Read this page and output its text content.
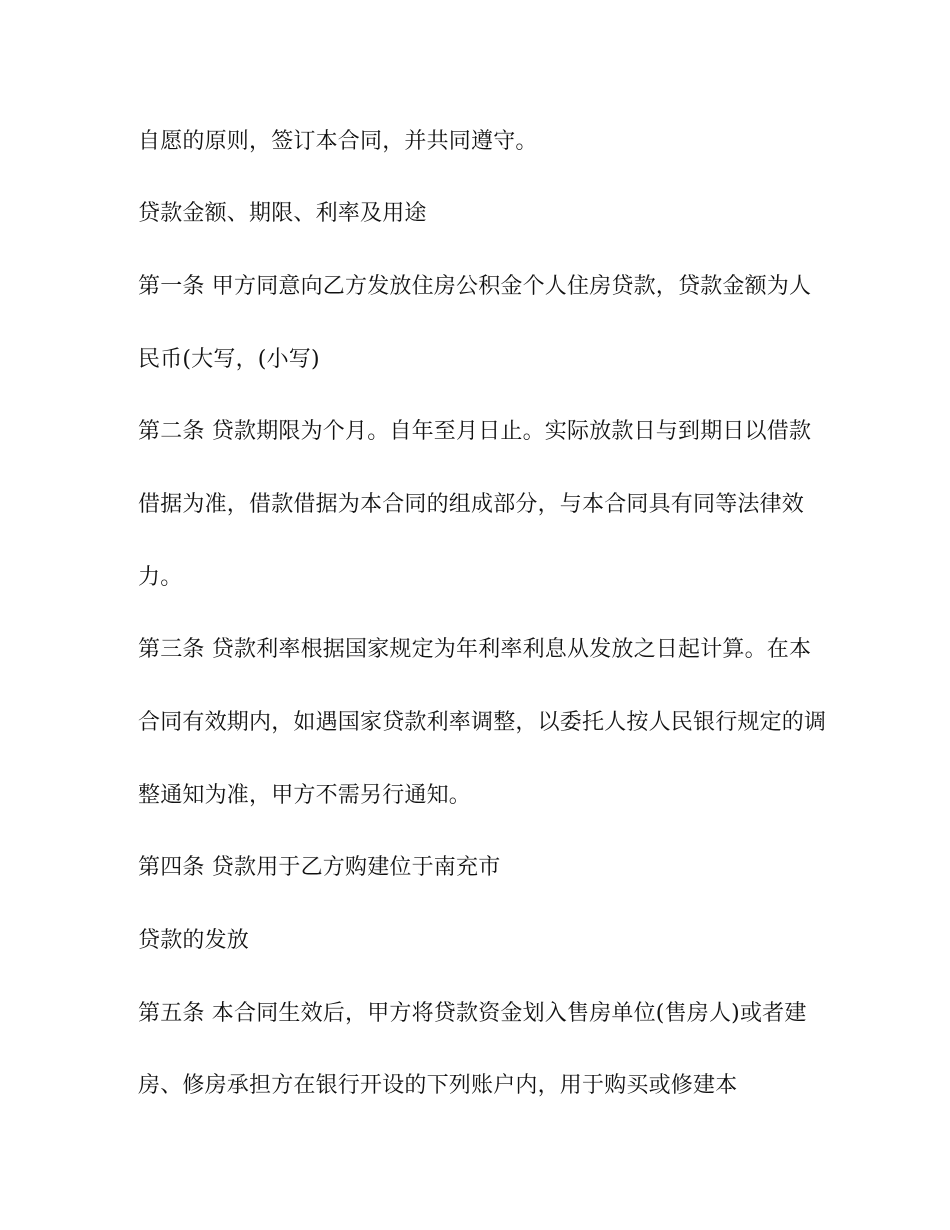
自愿的原则，签订本合同，并共同遵守。

贷款金额、期限、利率及用途

第一条 甲方同意向乙方发放住房公积金个人住房贷款，贷款金额为人

民币(大写，(小写)

第二条 贷款期限为个月。自年至月日止。实际放款日与到期日以借款

借据为准，借款借据为本合同的组成部分，与本合同具有同等法律效

力。

第三条 贷款利率根据国家规定为年利率利息从发放之日起计算。在本

合同有效期内，如遇国家贷款利率调整，以委托人按人民银行规定的调

整通知为准，甲方不需另行通知。

第四条 贷款用于乙方购建位于南充市

贷款的发放

第五条 本合同生效后，甲方将贷款资金划入售房单位(售房人)或者建

房、修房承担方在银行开设的下列账户内，用于购买或修建本
